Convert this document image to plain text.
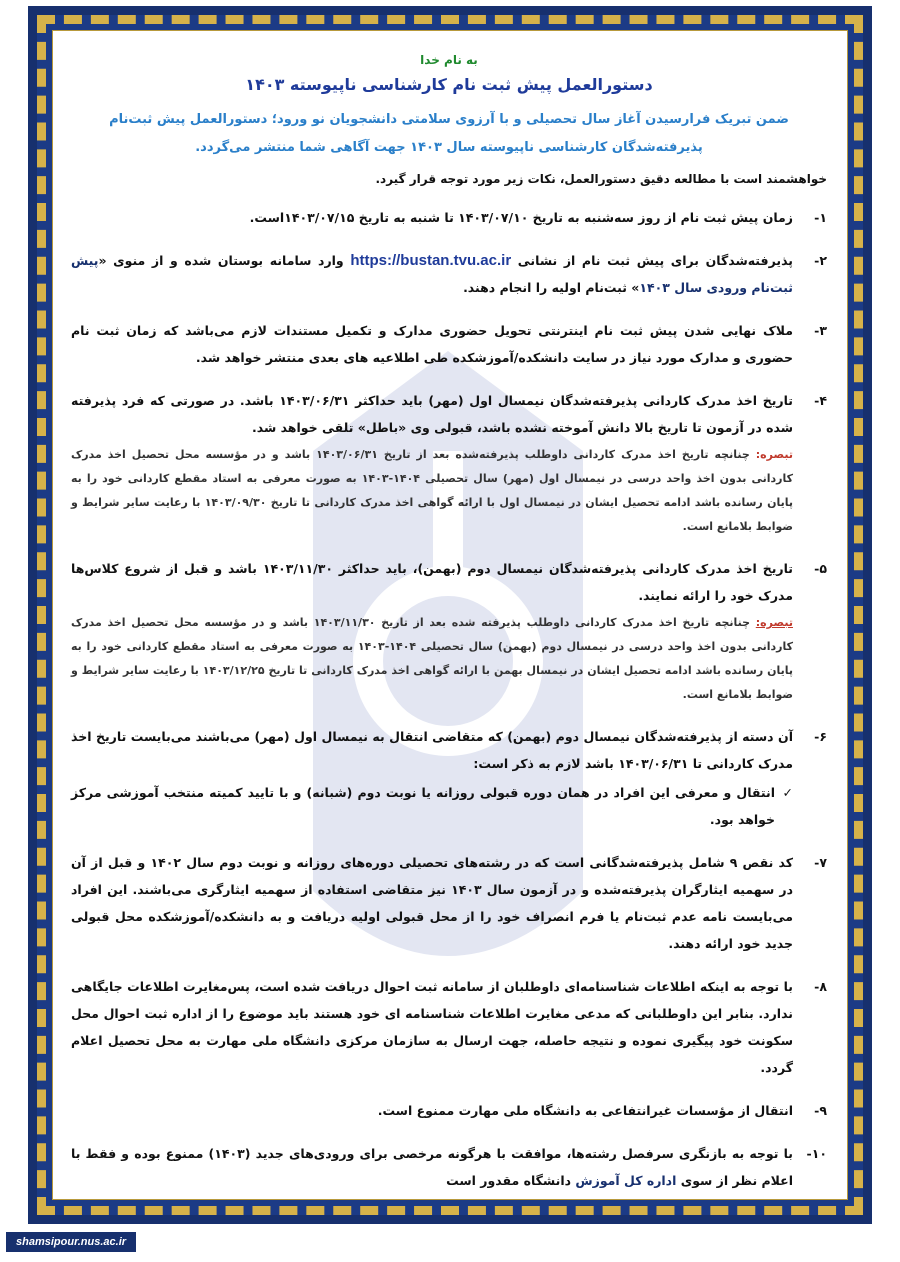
به نام خدا
دستورالعمل پیش ثبت نام کارشناسی ناپیوسته ۱۴۰۳
ضمن تبریک فرارسیدن آغاز سال تحصیلی و با آرزوی سلامتی دانشجویان نو ورود؛ دستورالعمل پیش ثبت‌نام پذیرفته‌شدگان کارشناسی ناپیوسته سال ۱۴۰۳ جهت آگاهی شما منتشر می‌گردد.
خواهشمند است با مطالعه دقیق دستورالعمل، نکات زیر مورد توجه قرار گیرد.
۱-
زمان پیش ثبت نام از روز سه‌شنبه به تاریخ ۱۴۰۳/۰۷/۱۰ تا شنبه به تاریخ ۱۴۰۳/۰۷/۱۵است.
۲-
پذیرفته‌شدگان برای پیش ثبت نام از نشانی https://bustan.tvu.ac.ir وارد سامانه بوستان شده و از منوی «پیش ثبت‌نام ورودی سال ۱۴۰۳» ثبت‌نام اولیه را انجام دهند.
۳-
ملاک نهایی شدن پیش ثبت نام اینترنتی تحویل حضوری مدارک و تکمیل مستندات لازم می‌باشد که زمان ثبت نام حضوری و مدارک مورد نیاز در سایت دانشکده/آموزشکده طی اطلاعیه های بعدی منتشر خواهد شد.
۴-
تاریخ اخذ مدرک کاردانی پذیرفته‌شدگان نیمسال اول (مهر) باید حداکثر ۱۴۰۳/۰۶/۳۱ باشد. در صورتی که فرد پذیرفته شده در آزمون تا تاریخ بالا دانش آموخته نشده باشد، قبولی وی «باطل» تلقی خواهد شد.
تبصره: چنانچه تاریخ اخذ مدرک کاردانی داوطلب پذیرفته‌شده بعد از تاریخ ۱۴۰۳/۰۶/۳۱ باشد و در مؤسسه محل تحصیل اخذ مدرک کاردانی بدون اخذ واحد درسی در نیمسال اول (مهر) سال تحصیلی ۱۴۰۴-۱۴۰۳ به صورت معرفی به استاد مقطع کاردانی خود را به پایان رسانده باشد ادامه تحصیل ایشان در نیمسال اول با ارائه گواهی اخذ مدرک کاردانی تا تاریخ ۱۴۰۳/۰۹/۳۰ با رعایت سایر شرایط و ضوابط بلامانع است.
۵-
تاریخ اخذ مدرک کاردانی پذیرفته‌شدگان نیمسال دوم (بهمن)، باید حداکثر ۱۴۰۳/۱۱/۳۰ باشد و قبل از شروع کلاس‌ها مدرک خود را ارائه نمایند.
تبصره: چنانچه تاریخ اخذ مدرک کاردانی داوطلب پذیرفته شده بعد از تاریخ ۱۴۰۳/۱۱/۳۰ باشد و در مؤسسه محل تحصیل اخذ مدرک کاردانی بدون اخذ واحد درسی در نیمسال دوم (بهمن) سال تحصیلی ۱۴۰۴-۱۴۰۳ به صورت معرفی به استاد مقطع کاردانی خود را به پایان رسانده باشد ادامه تحصیل ایشان در نیمسال بهمن با ارائه گواهی اخذ مدرک کاردانی تا تاریخ ۱۴۰۳/۱۲/۲۵ با رعایت سایر شرایط و ضوابط بلامانع است.
۶-
آن دسته از پذیرفته‌شدگان نیمسال دوم (بهمن) که متقاضی انتقال به نیمسال اول (مهر) می‌باشند می‌بایست تاریخ اخذ مدرک کاردانی تا ۱۴۰۳/۰۶/۳۱ باشد لازم به ذکر است:
✓
انتقال و معرفی این افراد در همان دوره قبولی روزانه یا نوبت دوم (شبانه) و با تایید کمیته منتخب آموزشی مرکز خواهد بود.
۷-
کد نقص ۹ شامل پذیرفته‌شدگانی است که در رشته‌های تحصیلی دوره‌های روزانه و نوبت دوم سال ۱۴۰۲ و قبل از آن در سهمیه ایثارگران پذیرفته‌شده و در آزمون سال ۱۴۰۳ نیز متقاضی استفاده از سهمیه ایثارگری می‌باشند. این افراد می‌بایست نامه عدم ثبت‌نام یا فرم انصراف خود را از محل قبولی اولیه دریافت و به دانشکده/آموزشکده محل قبولی جدید خود ارائه دهند.
۸-
با توجه به اینکه اطلاعات شناسنامه‌ای داوطلبان از سامانه ثبت احوال دریافت شده است، پس‌مغایرت اطلاعات جایگاهی ندارد. بنابر این داوطلبانی که مدعی مغایرت اطلاعات شناسنامه ای خود هستند باید موضوع را از اداره ثبت احوال محل سکونت خود پیگیری نموده و نتیجه حاصله، جهت ارسال به سازمان مرکزی دانشگاه ملی مهارت به محل تحصیل اعلام گردد.
۹-
انتقال از مؤسسات غیرانتفاعی به دانشگاه ملی مهارت ممنوع است.
۱۰-
با توجه به بازنگری سرفصل رشته‌ها، موافقت با هرگونه مرخصی برای ورودی‌های جدید (۱۴۰۳) ممنوع بوده و فقط با اعلام نظر از سوی اداره کل آموزش دانشگاه مقدور است
shamsipour.nus.ac.ir
